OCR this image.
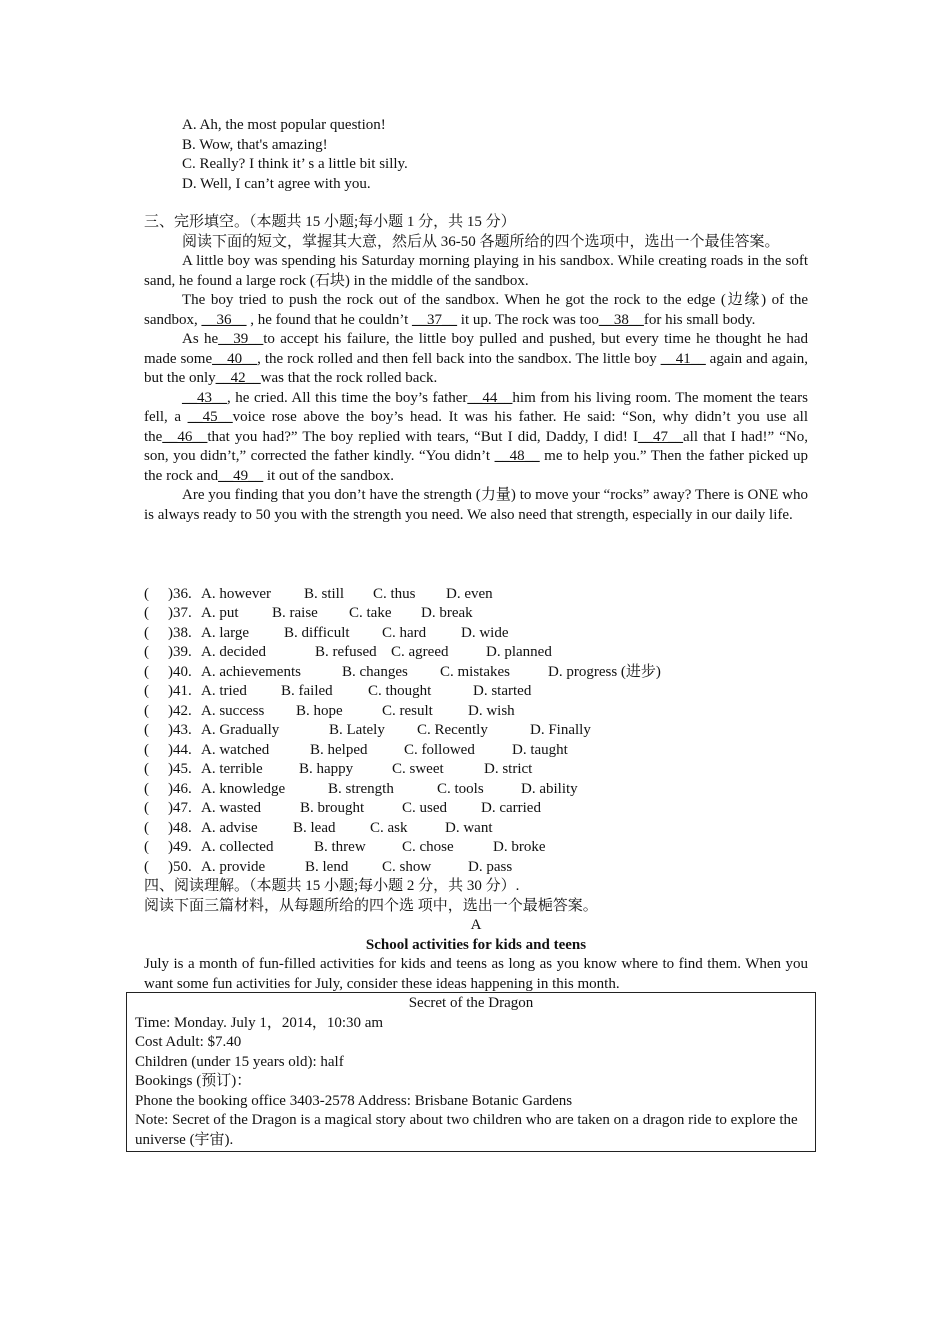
A. Ah, the most popular question!
B. Wow, that's amazing!
C. Really? I think it’ s a little bit silly.
D. Well, I can’t agree with you.

三、完形填空。（本题共 15 小题;每小题 1 分，共 15 分）

阅读下面的短文，掌握其大意，然后从 36-50 各题所给的四个选项中，选出一个最佳答案。

A little boy was spending his Saturday morning playing in his sandbox. While creating roads in the soft sand, he found a large rock (石块) in the middle of the sandbox.

The boy tried to push the rock out of the sandbox. When he got the rock to the edge (边缘) of the sandbox, __36__ , he found that he couldn’t __37__ it up. The rock was too__38__for his small body.

As he__39__to accept his failure, the little boy pulled and pushed, but every time he thought he had made some__40__, the rock rolled and then fell back into the sandbox. The little boy __41__ again and again, but the only__42__was that the rock rolled back.

__43__, he cried. All this time the boy’s father__44__him from his living room. The moment the tears fell, a __45__voice rose above the boy’s head. It was his father. He said: “Son, why didn’t you use all the__46__that you had?” The boy replied with tears, “But I did, Daddy, I did! I__47__all that I had!” “No, son, you didn’t,” corrected the father kindly. “You didn’t __48__ me to help you.” Then the father picked up the rock and__49__ it out of the sandbox.

Are you finding that you don’t have the strength (力量) to move your “rocks” away? There is ONE who is always ready to 50 you with the strength you need. We also need that strength, especially in our daily life.

( )36. A. however B. still C. thus D. even
( )37. A. put B. raise C. take D. break
( )38. A. large B. difficult C. hard D. wide
( )39. A. decided	B. refused C. agreed	D. planned
( )40. A. achievements	B. changes C. mistakes	D. progress (进步)
( )41. A. tried B. failed C. thought	D. started
( )42. A. success B. hope	C. result D. wish
( )43. A. Gradually	B. Lately C. Recently	D. Finally
( )44. A. watched	B. helped C. followed D. taught
( )45. A. terrible B. happy	C. sweet	D. strict
( )46. A. knowledge	B. strength	C. tools D. ability
( )47. A. wasted	B. brought	C. used D. carried
( )48. A. advise B. lead C. ask	D. want
( )49. A. collected	B. threw C. chose	D. broke
( )50. A. provide	B. lend C. show D. pass
四、阅读理解。（本题共 15 小题;每小题 2 分，共 30 分）.
阅读下面三篇材料，从每题所给的四个选 项中，选出一个最梔答案。
A
School activities for kids and teens
July is a month of fun-filled activities for kids and teens as long as you know where to find them. When you want some fun activities for July, consider these ideas happening in this month.
Secret of the Dragon
Time: Monday. July 1，2014，10:30 am
Cost Adult: $7.40
Children (under 15 years old): half
Bookings (预订)：
Phone the booking office 3403-2578 Address: Brisbane Botanic Gardens
Note: Secret of the Dragon is a magical story about two children who are taken on a dragon ride to explore the universe (宇宙).
